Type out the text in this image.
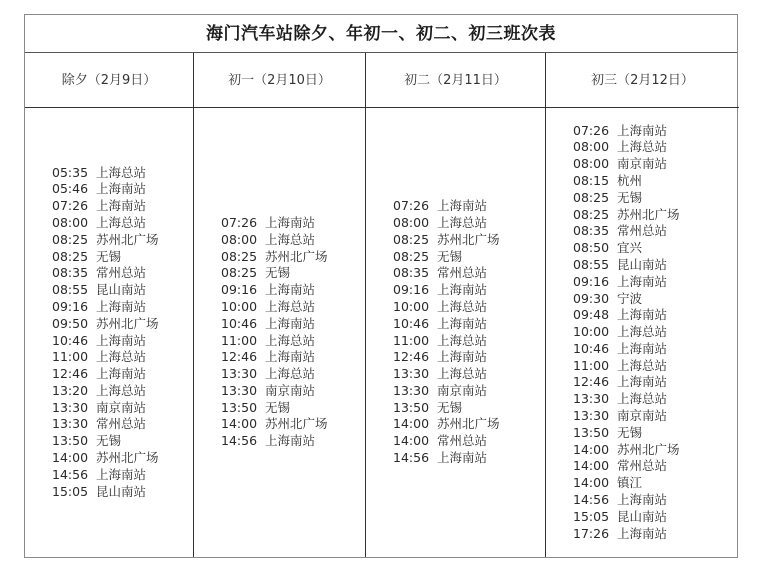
海门汽车站除夕、年初一、初二、初三班次表
除夕（2月9日）
05:35 上海总站
05:46 上海南站
07:26 上海南站
08:00 上海总站
08:25 苏州北广场
08:25 无锡
08:35 常州总站
08:55 昆山南站
09:16 上海南站
09:50 苏州北广场
10:46 上海南站
11:00 上海总站
12:46 上海南站
13:20 上海总站
13:30 南京南站
13:30 常州总站
13:50 无锡
14:00 苏州北广场
14:56 上海南站
15:05 昆山南站
初一（2月10日）
07:26 上海南站
08:00 上海总站
08:25 苏州北广场
08:25 无锡
09:16 上海南站
10:00 上海总站
10:46 上海南站
11:00 上海总站
12:46 上海南站
13:30 上海总站
13:30 南京南站
13:50 无锡
14:00 苏州北广场
14:56 上海南站
初二（2月11日）
07:26 上海南站
08:00 上海总站
08:25 苏州北广场
08:25 无锡
08:35 常州总站
09:16 上海南站
10:00 上海总站
10:46 上海南站
11:00 上海总站
12:46 上海南站
13:30 上海总站
13:30 南京南站
13:50 无锡
14:00 苏州北广场
14:00 常州总站
14:56 上海南站
初三（2月12日）
07:26 上海南站
08:00 上海总站
08:00 南京南站
08:15 杭州
08:25 无锡
08:25 苏州北广场
08:35 常州总站
08:50 宜兴
08:55 昆山南站
09:16 上海南站
09:30 宁波
09:48 上海南站
10:00 上海总站
10:46 上海南站
11:00 上海总站
12:46 上海南站
13:30 上海总站
13:30 南京南站
13:50 无锡
14:00 苏州北广场
14:00 常州总站
14:00 镇江
14:56 上海南站
15:05 昆山南站
17:26 上海南站
